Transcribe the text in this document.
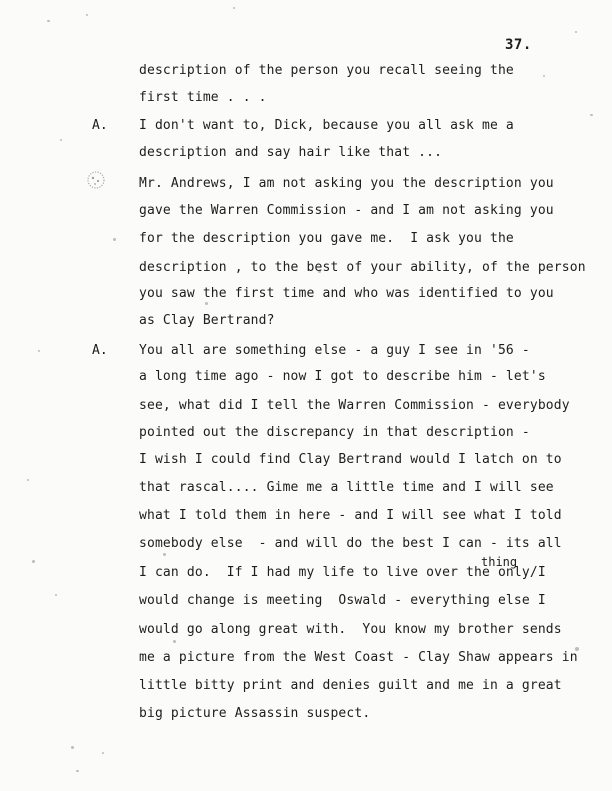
37.
A.
A.
description of the person you recall seeing the
first time . . .
I don't want to, Dick, because you all ask me a
description and say hair like that ...
Mr. Andrews, I am not asking you the description you
gave the Warren Commission - and I am not asking you
for the description you gave me.  I ask you the
description , to the best of your ability, of the person
you saw the first time and who was identified to you
as Clay Bertrand?
You all are something else - a guy I see in '56 -
a long time ago - now I got to describe him - let's
see, what did I tell the Warren Commission - everybody
pointed out the discrepancy in that description -
I wish I could find Clay Bertrand would I latch on to
that rascal.... Gime me a little time and I will see
what I told them in here - and I will see what I told
somebody else  - and will do the best I can - its all
I can do.  If I had my life to live over the only/I
would change is meeting  Oswald - everything else I
would go along great with.  You know my brother sends
me a picture from the West Coast - Clay Shaw appears in
little bitty print and denies guilt and me in a great
big picture Assassin suspect.
thing
